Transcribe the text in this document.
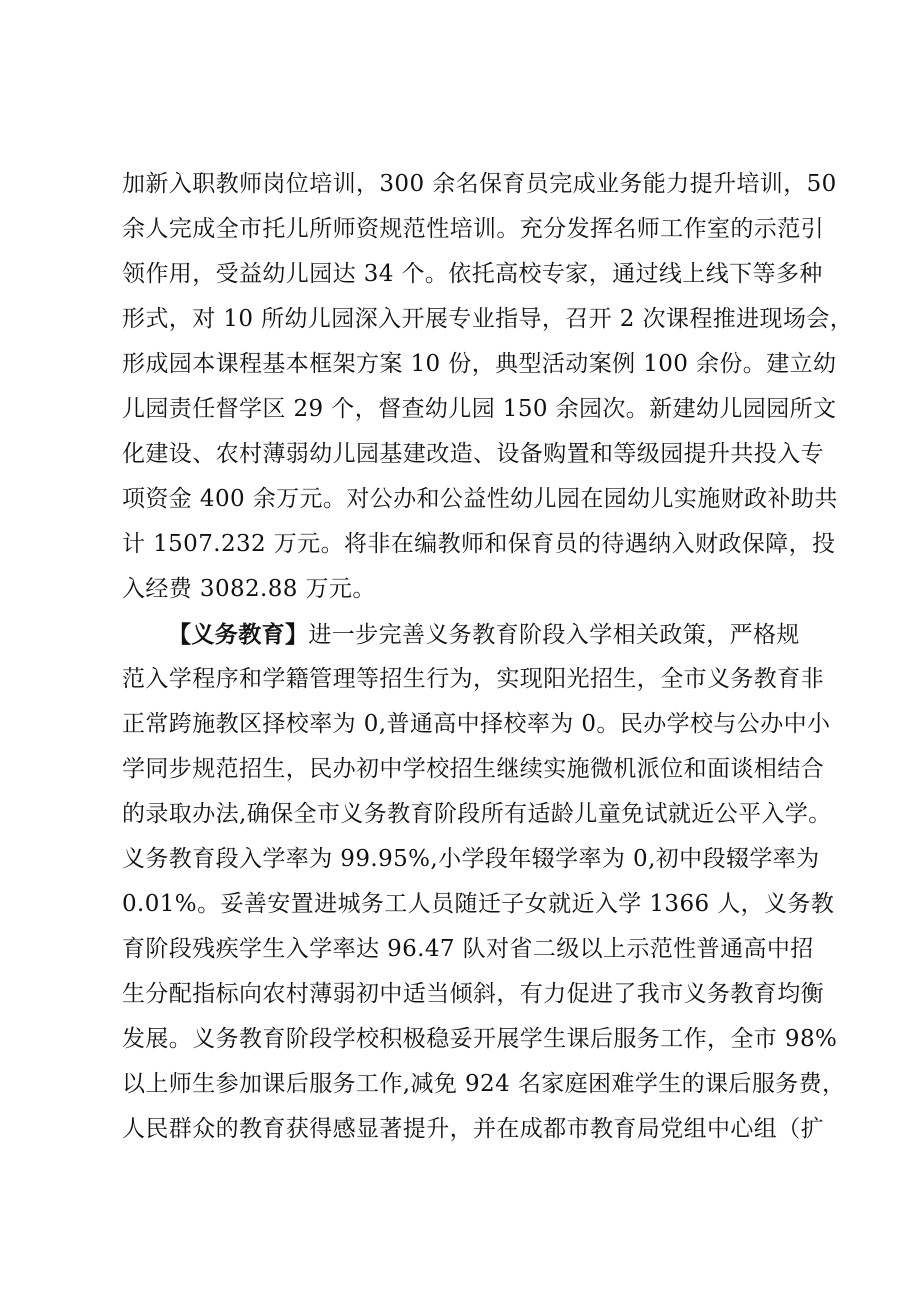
加新入职教师岗位培训，300 余名保育员完成业务能力提升培训，50
余人完成全市托儿所师资规范性培训。充分发挥名师工作室的示范引
领作用，受益幼儿园达 34 个。依托高校专家，通过线上线下等多种
形式，对 10 所幼儿园深入开展专业指导，召开 2 次课程推进现场会，
形成园本课程基本框架方案 10 份，典型活动案例 100 余份。建立幼
儿园责任督学区 29 个，督查幼儿园 150 余园次。新建幼儿园园所文
化建设、农村薄弱幼儿园基建改造、设备购置和等级园提升共投入专
项资金 400 余万元。对公办和公益性幼儿园在园幼儿实施财政补助共
计 1507.232 万元。将非在编教师和保育员的待遇纳入财政保障，投
入经费 3082.88 万元。
【义务教育】进一步完善义务教育阶段入学相关政策，严格规
范入学程序和学籍管理等招生行为，实现阳光招生，全市义务教育非
正常跨施教区择校率为 0,普通高中择校率为 0。民办学校与公办中小
学同步规范招生，民办初中学校招生继续实施微机派位和面谈相结合
的录取办法,确保全市义务教育阶段所有适龄儿童免试就近公平入学。
义务教育段入学率为 99.95%,小学段年辍学率为 0,初中段辍学率为
0.01%。妥善安置进城务工人员随迁子女就近入学 1366 人，义务教
育阶段残疾学生入学率达 96.47 队对省二级以上示范性普通高中招
生分配指标向农村薄弱初中适当倾斜，有力促进了我市义务教育均衡
发展。义务教育阶段学校积极稳妥开展学生课后服务工作，全市 98%
以上师生参加课后服务工作,减免 924 名家庭困难学生的课后服务费，
人民群众的教育获得感显著提升，并在成都市教育局党组中心组（扩
